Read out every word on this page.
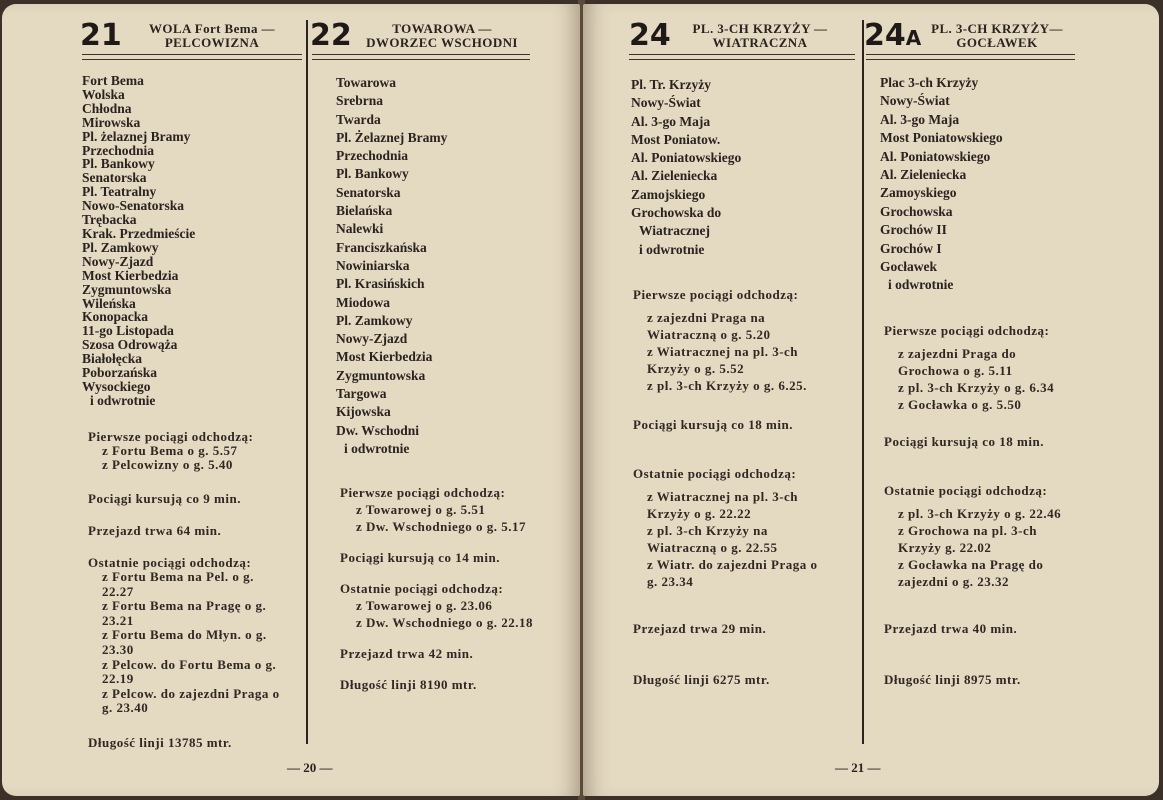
21	WOLA Fort Bema —
PELCOWIZNA
Fort Bema
Wolska
Chłodna
Mirowska
Pl. żelaznej Bramy
Przechodnia
Pl. Bankowy
Senatorska
Pl. Teatralny
Nowo-Senatorska
Trębacka
Krak. Przedmieście
Pl. Zamkowy
Nowy-Zjazd
Most Kierbedzia
Zygmuntowska
Wileńska
Konopacka
11-go Listopada
Szosa Odrowąża
Białołęcka
Poborzańska
Wysockiego
i odwrotnie

Pierwsze pociągi odchodzą:

z Fortu Bema o g. 5.57

z Pelcowizny o g. 5.40

Pociągi kursują co 9 min.

Przejazd trwa 64 min.

Ostatnie pociągi odchodzą:

z Fortu Bema na Pel. o g. 22.27

z Fortu Bema na Pragę o g. 23.21

z Fortu Bema do Młyn. o g. 23.30

z Pelcow. do Fortu Bema o g. 22.19

z Pelcow. do zajezdni Praga o g. 23.40

Długość linji 13785 mtr.

22	TOWAROWA —
DWORZEC WSCHODNI
Towarowa
Srebrna
Twarda
Pl. Żelaznej Bramy
Przechodnia
Pl. Bankowy
Senatorska
Bielańska
Nalewki
Franciszkańska
Nowiniarska
Pl. Krasińskich
Miodowa
Pl. Zamkowy
Nowy-Zjazd
Most Kierbedzia
Zygmuntowska
Targowa
Kijowska
Dw. Wschodni
i odwrotnie

Pierwsze pociągi odchodzą:

z Towarowej o g. 5.51

z Dw. Wschodniego o g. 5.17

Pociągi kursują co 14 min.

Ostatnie pociągi odchodzą:

z Towarowej o g. 23.06

z Dw. Wschodniego o g. 22.18

Przejazd trwa 42 min.

Długość linji 8190 mtr.

— 20 —
24	PL. 3-CH KRZYŻY —
WIATRACZNA
Pl. Tr. Krzyży
Nowy-Świat
Al. 3-go Maja
Most Poniatow.
Al. Poniatowskiego
Al. Zieleniecka
Zamojskiego
Grochowska do
Wiatracznej
i odwrotnie

Pierwsze pociągi odchodzą:

z zajezdni Praga na Wiatraczną o g. 5.20

z Wiatracznej na pl. 3-ch Krzyży o g. 5.52

z pl. 3-ch Krzyży o g. 6.25.

Pociągi kursują co 18 min.

Ostatnie pociągi odchodzą:

z Wiatracznej na pl. 3-ch Krzyży o g. 22.22

z pl. 3-ch Krzyży na Wiatraczną o g. 22.55

z Wiatr. do zajezdni Praga o g. 23.34

Przejazd trwa 29 min.

Długość linji 6275 mtr.

24A PL. 3-CH KRZYŻY—
GOCŁAWEK
Plac 3-ch Krzyży
Nowy-Świat
Al. 3-go Maja
Most Poniatowskiego
Al. Poniatowskiego
Al. Zieleniecka
Zamoyskiego
Grochowska
Grochów II
Grochów I
Gocławek
i odwrotnie

Pierwsze pociągi odchodzą:

z zajezdni Praga do Grochowa o g. 5.11

z pl. 3-ch Krzyży o g. 6.34

z Gocławka o g. 5.50

Pociągi kursują co 18 min.

Ostatnie pociągi odchodzą:

z pl. 3-ch Krzyży o g. 22.46

z Grochowa na pl. 3-ch Krzyży g. 22.02

z Gocławka na Pragę do zajezdni o g. 23.32

Przejazd trwa 40 min.

Długość linji 8975 mtr.

— 21 —
